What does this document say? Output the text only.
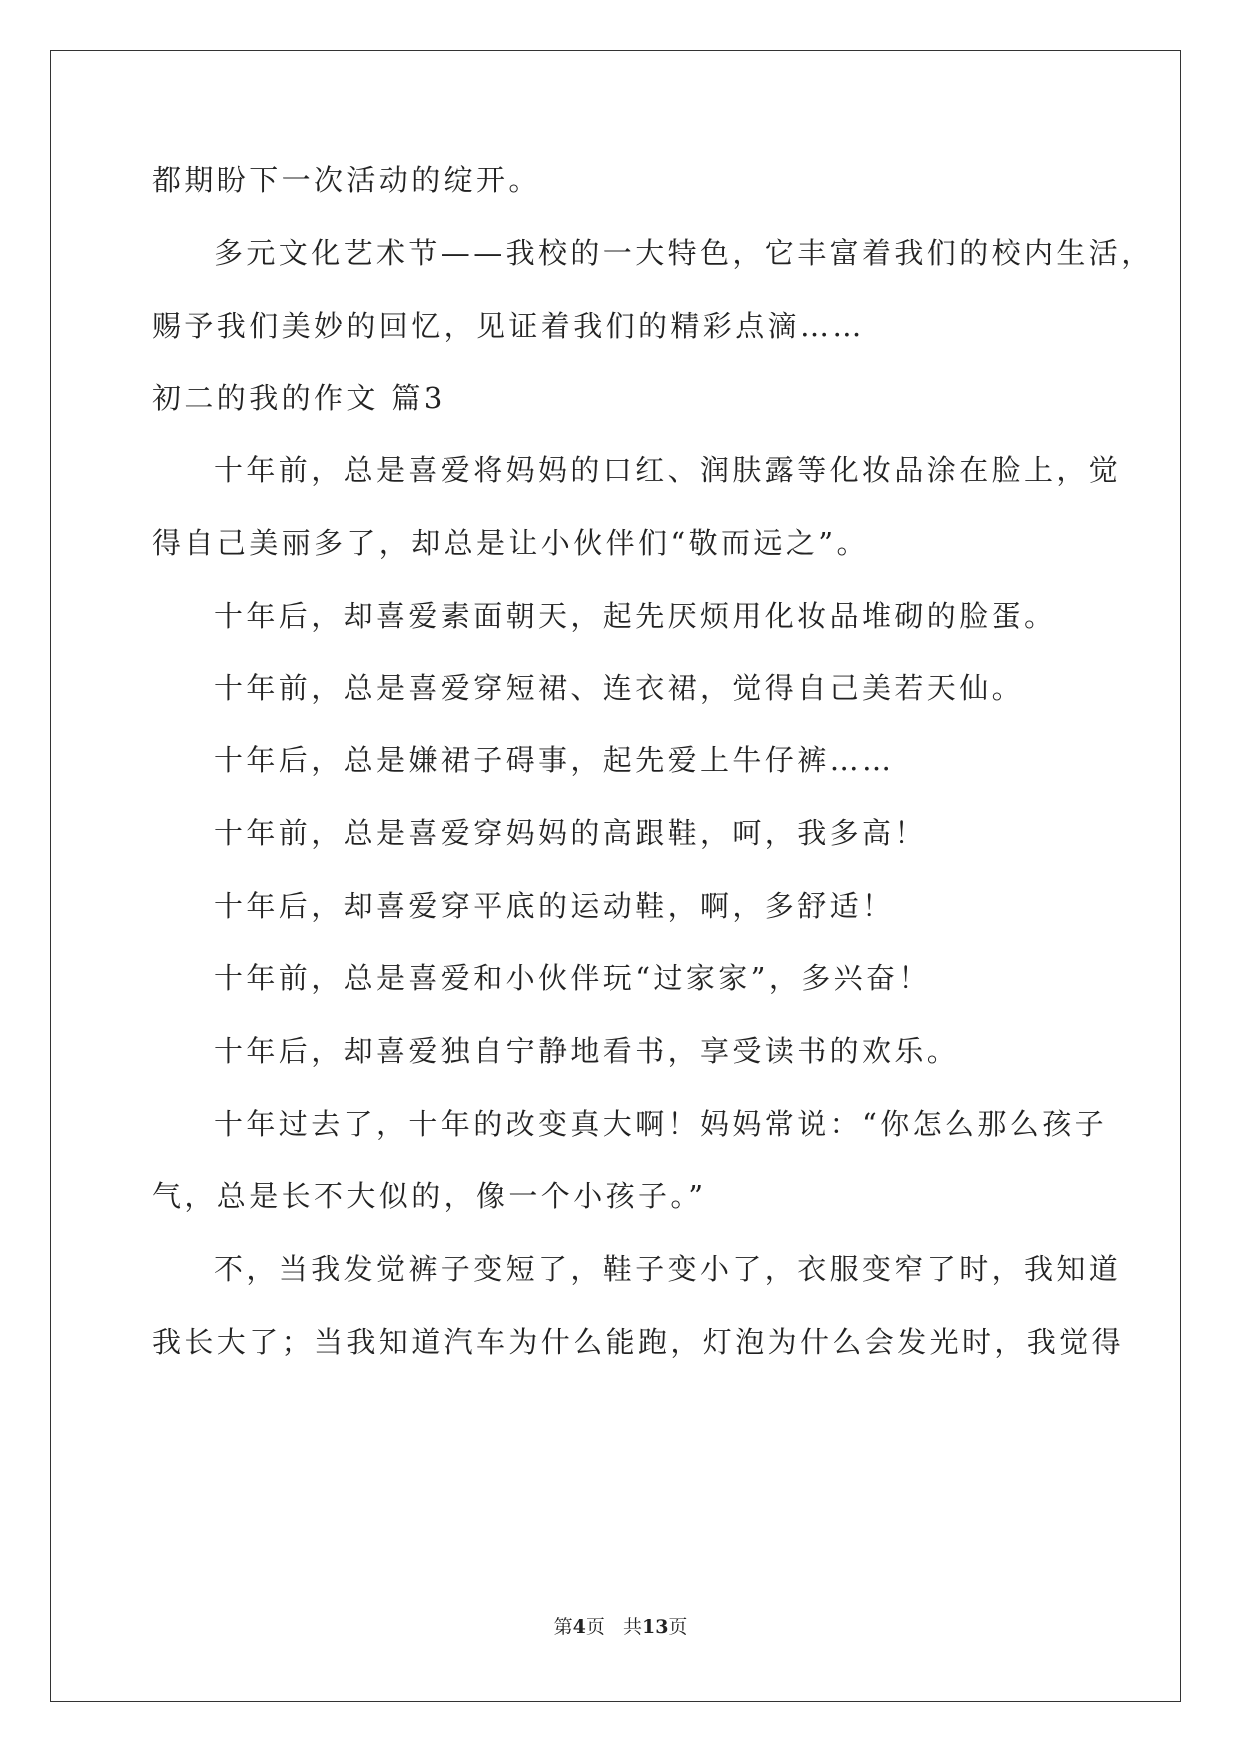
都期盼下一次活动的绽开。
多元文化艺术节——我校的一大特色，它丰富着我们的校内生活，
赐予我们美妙的回忆，见证着我们的精彩点滴……
初二的我的作文 篇3
十年前，总是喜爱将妈妈的口红、润肤露等化妆品涂在脸上，觉
得自己美丽多了，却总是让小伙伴们“敬而远之”。
十年后，却喜爱素面朝天，起先厌烦用化妆品堆砌的脸蛋。
十年前，总是喜爱穿短裙、连衣裙，觉得自己美若天仙。
十年后，总是嫌裙子碍事，起先爱上牛仔裤……
十年前，总是喜爱穿妈妈的高跟鞋，呵，我多高！
十年后，却喜爱穿平底的运动鞋，啊，多舒适！
十年前，总是喜爱和小伙伴玩“过家家”，多兴奋！
十年后，却喜爱独自宁静地看书，享受读书的欢乐。
十年过去了，十年的改变真大啊！妈妈常说：“你怎么那么孩子
气，总是长不大似的，像一个小孩子。”
不，当我发觉裤子变短了，鞋子变小了，衣服变窄了时，我知道
我长大了；当我知道汽车为什么能跑，灯泡为什么会发光时，我觉得
第4页 共13页
